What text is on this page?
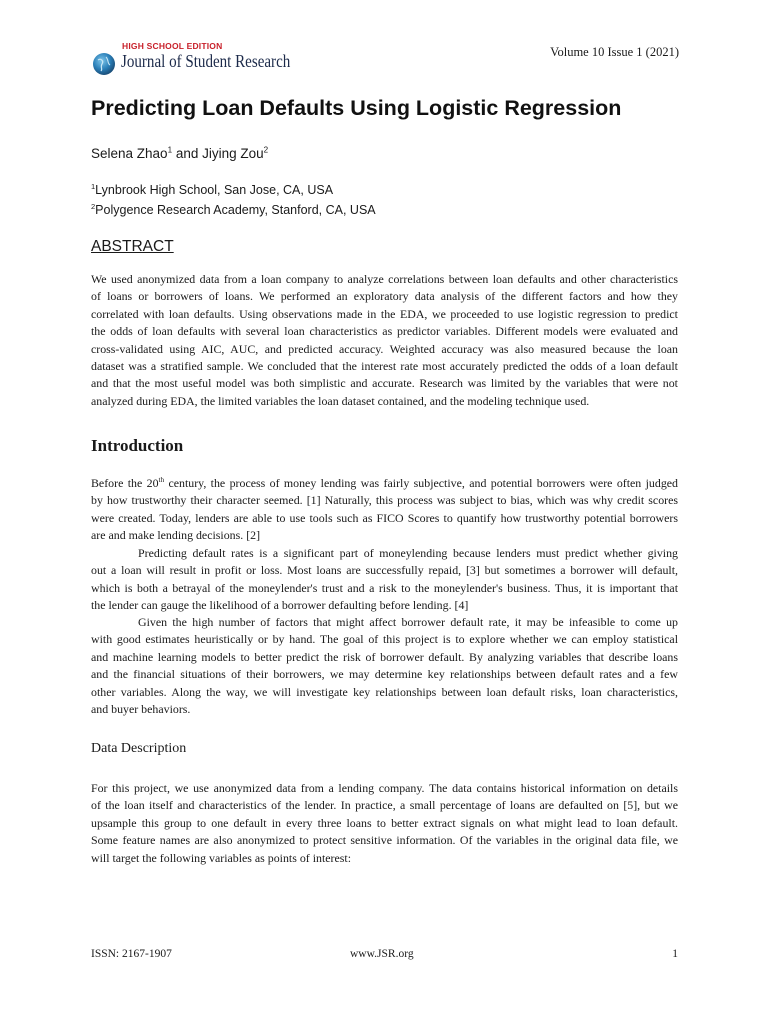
HIGH SCHOOL EDITION
Journal of Student Research	Volume 10 Issue 1 (2021)
Predicting Loan Defaults Using Logistic Regression
Selena Zhao$^1$ and Jiying Zou$^2$
$^1$Lynbrook High School, San Jose, CA, USA
$^2$Polygence Research Academy, Stanford, CA, USA
ABSTRACT
We used anonymized data from a loan company to analyze correlations between loan defaults and other characteristics
of loans or borrowers of loans. We performed an exploratory data analysis of the different factors and how they
correlated with loan defaults. Using observations made in the EDA, we proceeded to use logistic regression to predict
the odds of loan defaults with several loan characteristics as predictor variables. Different models were evaluated and
cross-validated using AIC, AUC, and predicted accuracy. Weighted accuracy was also measured because the loan
dataset was a stratified sample. We concluded that the interest rate most accurately predicted the odds of a loan default
and that the most useful model was both simplistic and accurate. Research was limited by the variables that were not
analyzed during EDA, the limited variables the loan dataset contained, and the modeling technique used.
Introduction
Before the 20th century, the process of money lending was fairly subjective, and potential borrowers were often judged
by how trustworthy their character seemed. [1] Naturally, this process was subject to bias, which was why credit scores
were created. Today, lenders are able to use tools such as FICO Scores to quantify how trustworthy potential borrowers
are and make lending decisions. [2]
Predicting default rates is a significant part of moneylending because lenders must predict whether giving
out a loan will result in profit or loss. Most loans are successfully repaid, [3] but sometimes a borrower will default,
which is both a betrayal of the moneylender's trust and a risk to the moneylender's business. Thus, it is important that
the lender can gauge the likelihood of a borrower defaulting before lending. [4]
Given the high number of factors that might affect borrower default rate, it may be infeasible to come up
with good estimates heuristically or by hand. The goal of this project is to explore whether we can employ statistical
and machine learning models to better predict the risk of borrower default. By analyzing variables that describe loans
and the financial situations of their borrowers, we may determine key relationships between default rates and a few
other variables. Along the way, we will investigate key relationships between loan default risks, loan characteristics,
and buyer behaviors.
Data Description
For this project, we use anonymized data from a lending company. The data contains historical information on details
of the loan itself and characteristics of the lender. In practice, a small percentage of loans are defaulted on [5], but we
upsample this group to one default in every three loans to better extract signals on what might lead to loan default.
Some feature names are also anonymized to protect sensitive information. Of the variables in the original data file, we
will target the following variables as points of interest:
ISSN: 2167-1907	www.JSR.org	1
